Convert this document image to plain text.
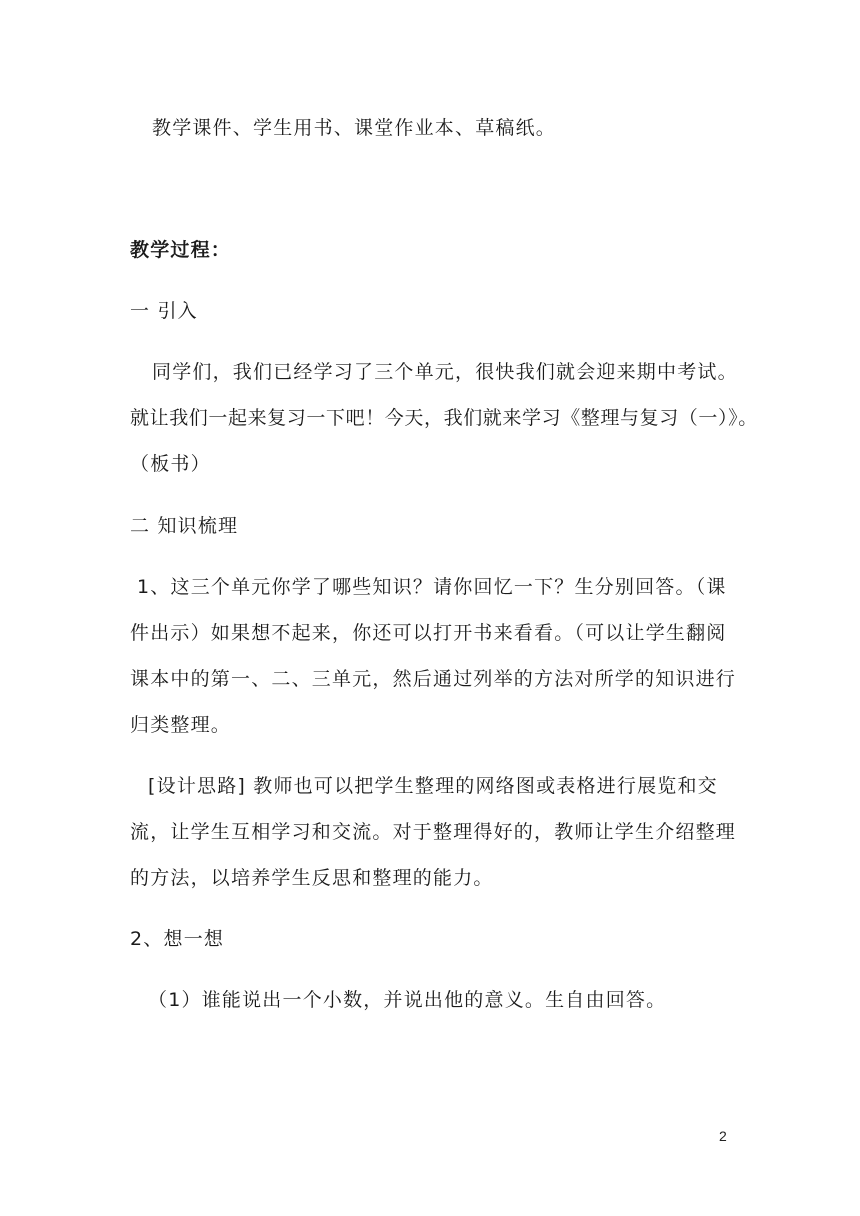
教学课件、学生用书、课堂作业本、草稿纸。

教学过程：

一 引入

同学们，我们已经学习了三个单元，很快我们就会迎来期中考试。

就让我们一起来复习一下吧！今天，我们就来学习《整理与复习（一）》。

（板书）

二 知识梳理

1、这三个单元你学了哪些知识？请你回忆一下？生分别回答。（课

件出示）如果想不起来，你还可以打开书来看看。（可以让学生翻阅

课本中的第一、二、三单元，然后通过列举的方法对所学的知识进行

归类整理。

[设计思路] 教师也可以把学生整理的网络图或表格进行展览和交

流，让学生互相学习和交流。对于整理得好的，教师让学生介绍整理

的方法，以培养学生反思和整理的能力。

2、想一想

（1）谁能说出一个小数，并说出他的意义。生自由回答。

2
